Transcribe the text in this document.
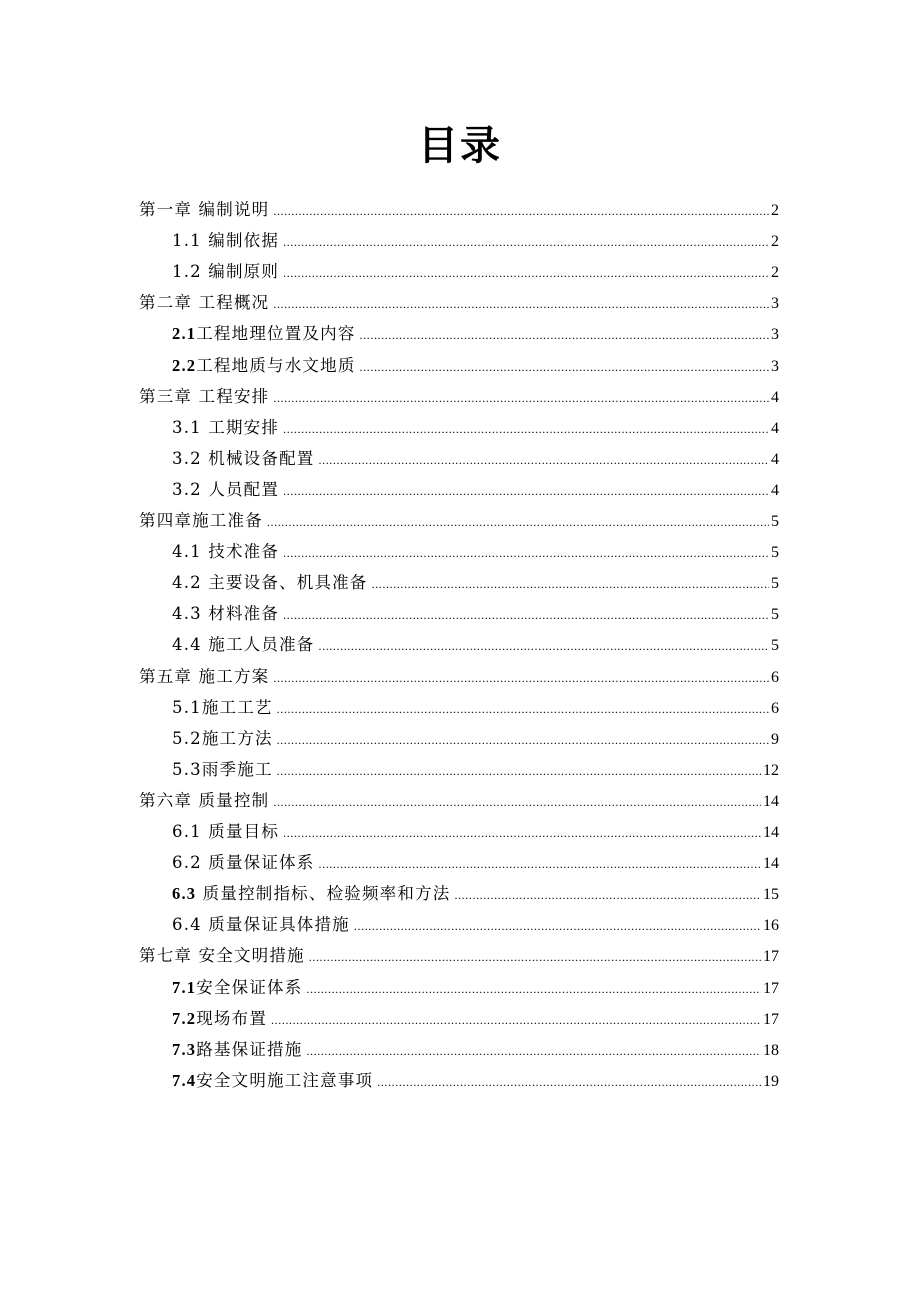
目录
第一章 编制说明 .....	2
1.1 编制依据 .....	2
1.2 编制原则 .....	2
第二章 工程概况 .....	3
2.1工程地理位置及内容 .....	3
2.2工程地质与水文地质 .....	3
第三章 工程安排 .....	4
3.1 工期安排 .....	4
3.2 机械设备配置 .....	4
3.2 人员配置 .....	4
第四章施工准备 .....	5
4.1 技术准备 .....	5
4.2 主要设备、机具准备 .....	5
4.3 材料准备 .....	5
4.4 施工人员准备 .....	5
第五章 施工方案 .....	6
5.1施工工艺 .....	6
5.2施工方法 .....	9
5.3雨季施工 .....	12
第六章 质量控制 .....	14
6.1 质量目标 .....	14
6.2 质量保证体系 .....	14
6.3 质量控制指标、检验频率和方法 .....	15
6.4 质量保证具体措施 .....	16
第七章 安全文明措施 .....	17
7.1安全保证体系 .....	17
7.2现场布置 .....	17
7.3路基保证措施 .....	18
7.4安全文明施工注意事项 .....	19
